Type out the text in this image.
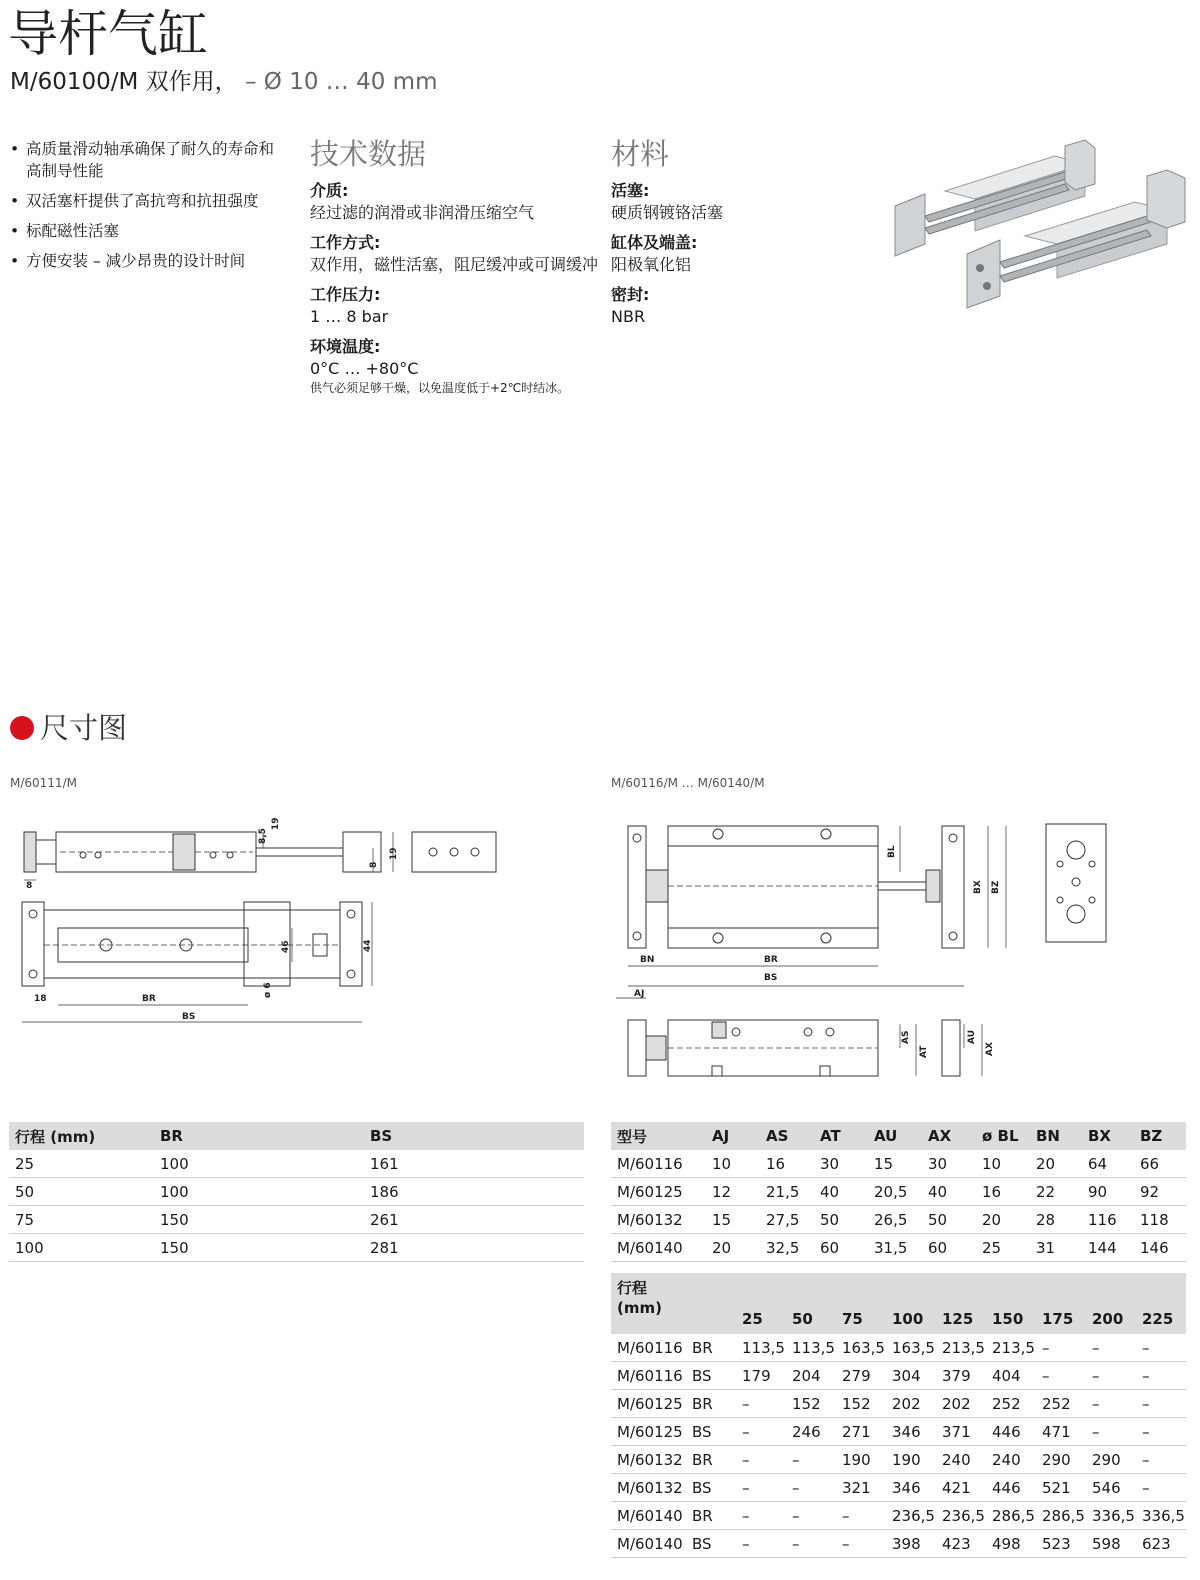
导杆气缸
M/60100/M 双作用， – Ø 10 … 40 mm
• 高质量滑动轴承确保了耐久的寿命和高制导性能
• 双活塞杆提供了高抗弯和抗扭强度
• 标配磁性活塞
• 方便安装 – 减少昂贵的设计时间
技术数据
介质:
经过滤的润滑或非润滑压缩空气
工作方式:
双作用，磁性活塞，阻尼缓冲或可调缓冲
工作压力:
1 … 8 bar
环境温度:
0°C … +80°C
供气必须足够干燥，以免温度低于+2℃时结冰。
材料
活塞:
硬质钢镀铬活塞
缸体及端盖:
阳极氧化铝
密封:
NBR
尺寸图
M/60111/M	M/60116/M … M/60140/M
8
8,5
19
8
19
18	BR
BS
46	44
ø 6
BL
BX BZ
BN	BR
BS
AJ
AS
AT
AU
AX
行程 (mm)	BR	BS
25	100	161
50	100	186
75	150	261
100	150	281
型号	AJ	AS	AT	AU	AX	ø BL	BN	BX	BZ
M/60116	10	16	30	15	30	10	20	64	66
M/60125	12	21,5	40	20,5	40	16	22	90	92
M/60132	15	27,5	50	26,5	50	20	28	116	118
M/60140	20	32,5	60	31,5	60	25	31	144	146
行程
(mm)		25	50	75	100	125	150	175	200	225
M/60116	BR	113,5	113,5	163,5	163,5	213,5	213,5	–	–	–
M/60116	BS	179	204	279	304	379	404	–	–	–
M/60125	BR	–	152	152	202	202	252	252	–	–
M/60125	BS	–	246	271	346	371	446	471	–	–
M/60132	BR	–	–	190	190	240	240	290	290	–
M/60132	BS	–	–	321	346	421	446	521	546	–
M/60140	BR	–	–	–	236,5	236,5	286,5	286,5	336,5	336,5
M/60140	BS	–	–	–	398	423	498	523	598	623
